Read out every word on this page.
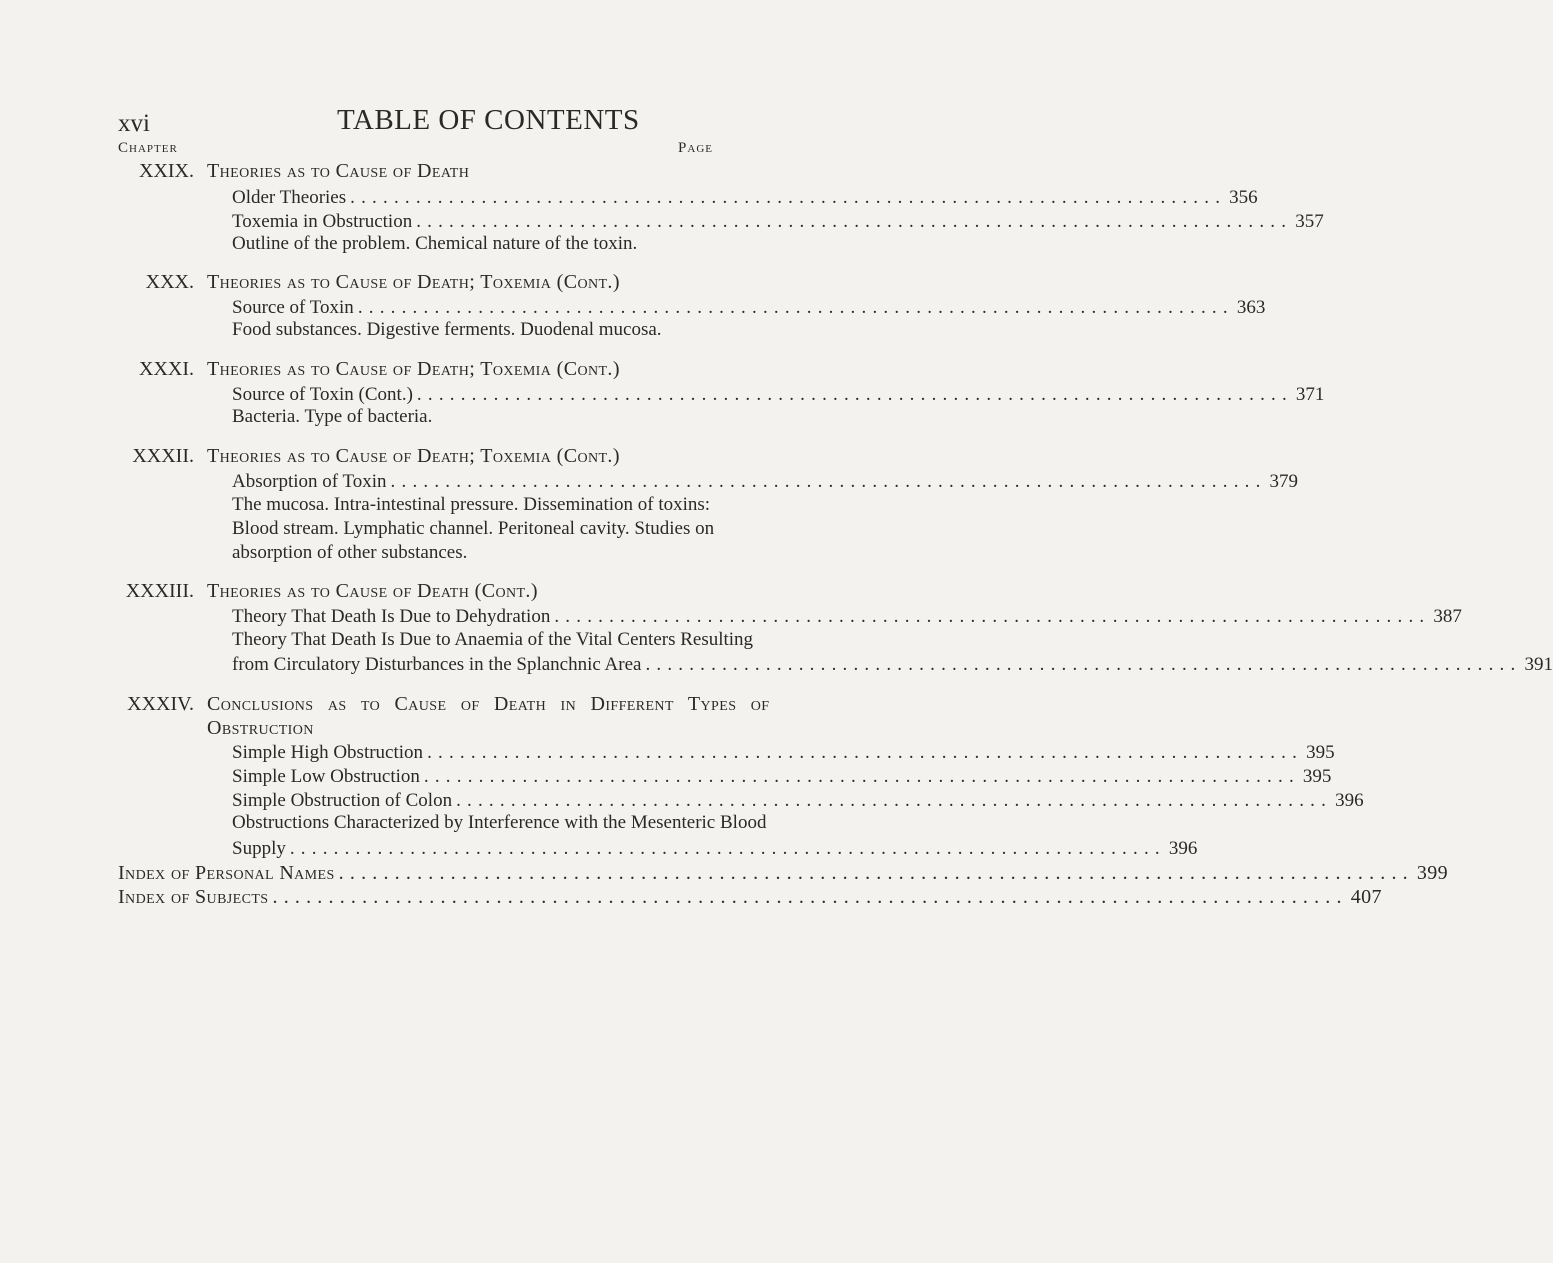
xvi	TABLE OF CONTENTS
Chapter	Page
XXIX. Theories as to Cause of Death
Older Theories ................................................................................ 356
Toxemia in Obstruction ................................................................................ 357
Outline of the problem. Chemical nature of the toxin.
XXX. Theories as to Cause of Death; Toxemia (Cont.)
Source of Toxin ................................................................................ 363
Food substances. Digestive ferments. Duodenal mucosa.
XXXI. Theories as to Cause of Death; Toxemia (Cont.)
Source of Toxin (Cont.) ................................................................................ 371
Bacteria. Type of bacteria.
XXXII. Theories as to Cause of Death; Toxemia (Cont.)
Absorption of Toxin ................................................................................ 379
The mucosa. Intra-intestinal pressure. Dissemination of toxins:
Blood stream. Lymphatic channel. Peritoneal cavity. Studies on
absorption of other substances.
XXXIII. Theories as to Cause of Death (Cont.)
Theory That Death Is Due to Dehydration ................................................................................ 387
Theory That Death Is Due to Anaemia of the Vital Centers Resulting
from Circulatory Disturbances in the Splanchnic Area ................................................................................ 391
XXXIV. Conclusions as to Cause of Death in Different Types of
Obstruction
Simple High Obstruction ................................................................................ 395
Simple Low Obstruction ................................................................................ 395
Simple Obstruction of Colon ................................................................................ 396
Obstructions Characterized by Interference with the Mesenteric Blood
Supply ................................................................................ 396
Index of Personal Names ................................................................................................ 399
Index of Subjects ................................................................................................ 407
